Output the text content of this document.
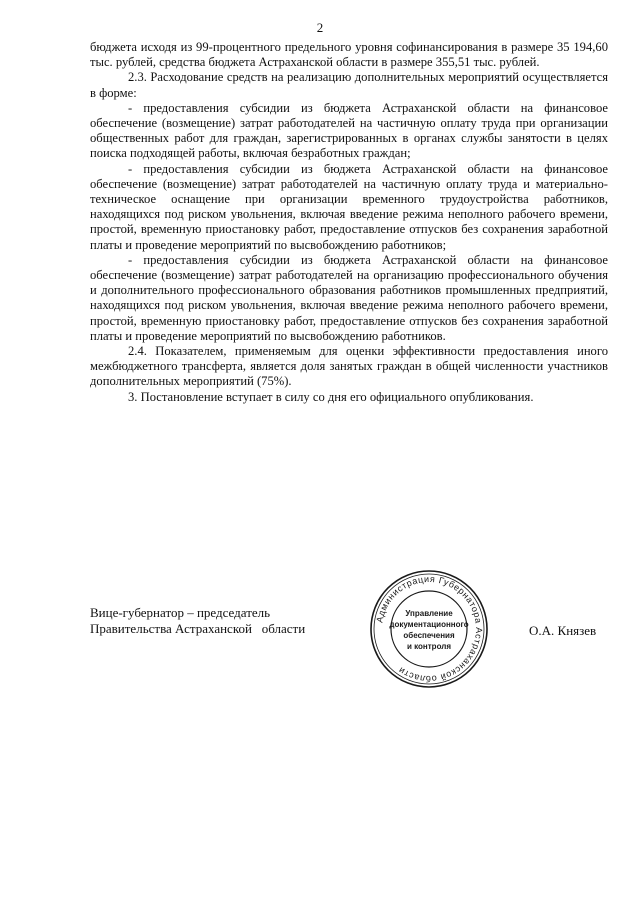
2

бюджета исходя из 99-процентного предельного уровня софинансирования в размере 35 194,60 тыс. рублей, средства бюджета Астраханской области в размере 355,51 тыс. рублей.

2.3. Расходование средств на реализацию дополнительных мероприятий осуществляется в форме:

- предоставления субсидии из бюджета Астраханской области на финансовое обеспечение (возмещение) затрат работодателей на частичную оплату труда при организации общественных работ для граждан, зарегистрированных в органах службы занятости в целях поиска подходящей работы, включая безработных граждан;

- предоставления субсидии из бюджета Астраханской области на финансовое обеспечение (возмещение) затрат работодателей на частичную оплату труда и материально-техническое оснащение при организации временного трудоустройства работников, находящихся под риском увольнения, включая введение режима неполного рабочего времени, простой, временную приостановку работ, предоставление отпусков без сохранения заработной платы и проведение мероприятий по высвобождению работников;

- предоставления субсидии из бюджета Астраханской области на финансовое обеспечение (возмещение) затрат работодателей на организацию профессионального обучения и дополнительного профессионального образования работников промышленных предприятий, находящихся под риском увольнения, включая введение режима неполного рабочего времени, простой, временную приостановку работ, предоставление отпусков без сохранения заработной платы и проведение мероприятий по высвобождению работников.

2.4. Показателем, применяемым для оценки эффективности предоставления иного межбюджетного трансферта, является доля занятых граждан в общей численности участников дополнительных мероприятий (75%).

3. Постановление вступает в силу со дня его официального опубликования.

Вице-губернатор – председатель
Правительства Астраханской   области
Администрация Губернатора Астраханской области
Управление
документационного
обеспечения
и контроля
О.А. Князев
